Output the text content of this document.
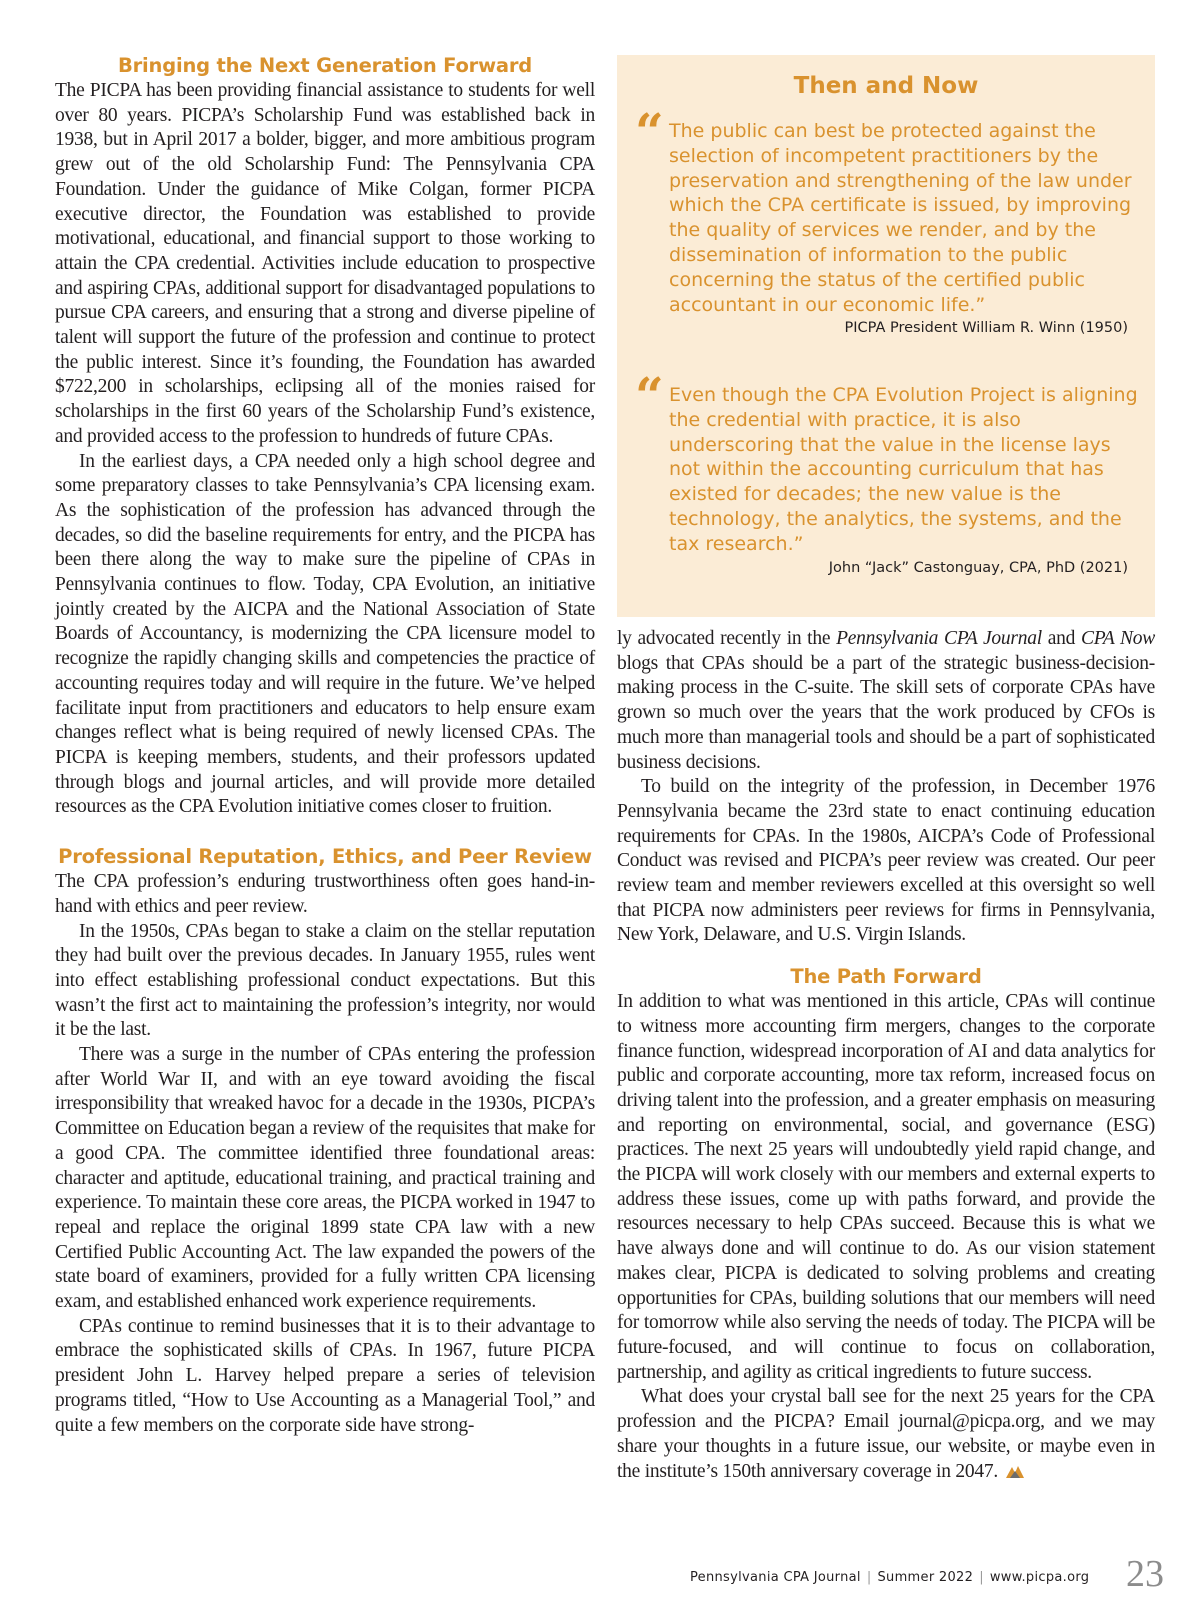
Bringing the Next Generation Forward

The PICPA has been providing financial assistance to students for well over 80 years. PICPA’s Scholarship Fund was established back in 1938, but in April 2017 a bolder, bigger, and more ambitious program grew out of the old Scholarship Fund: The Pennsylvania CPA Foundation. Under the guidance of Mike Colgan, former PICPA executive director, the Foundation was established to provide motivational, educational, and financial support to those working to attain the CPA credential. Activities include education to prospective and aspiring CPAs, additional support for disadvantaged populations to pursue CPA careers, and ensuring that a strong and diverse pipeline of talent will support the future of the profession and continue to protect the public interest. Since it’s founding, the Foundation has awarded $722,200 in scholarships, eclipsing all of the monies raised for scholarships in the first 60 years of the Scholarship Fund’s existence, and provided access to the profession to hundreds of future CPAs.

In the earliest days, a CPA needed only a high school degree and some preparatory classes to take Pennsylvania’s CPA licensing exam. As the sophistication of the profession has advanced through the decades, so did the baseline requirements for entry, and the PICPA has been there along the way to make sure the pipeline of CPAs in Pennsylvania continues to flow. Today, CPA Evolution, an initiative jointly created by the AICPA and the National Association of State Boards of Accountancy, is modernizing the CPA licensure model to recognize the rapidly changing skills and competencies the practice of accounting requires today and will require in the future. We’ve helped facilitate input from practitioners and educators to help ensure exam changes reflect what is being required of newly licensed CPAs. The PICPA is keeping members, students, and their professors updated through blogs and journal articles, and will provide more detailed resources as the CPA Evolution initiative comes closer to fruition.

Professional Reputation, Ethics, and Peer Review

The CPA profession’s enduring trustworthiness often goes hand-in-hand with ethics and peer review.

In the 1950s, CPAs began to stake a claim on the stellar reputation they had built over the previous decades. In January 1955, rules went into effect establishing professional conduct expectations. But this wasn’t the first act to maintaining the profession’s integrity, nor would it be the last.

There was a surge in the number of CPAs entering the profession after World War II, and with an eye toward avoiding the fiscal irresponsibility that wreaked havoc for a decade in the 1930s, PICPA’s Committee on Education began a review of the requisites that make for a good CPA. The committee identified three foundational areas: character and aptitude, educational training, and practical training and experience. To maintain these core areas, the PICPA worked in 1947 to repeal and replace the original 1899 state CPA law with a new Certified Public Accounting Act. The law expanded the powers of the state board of examiners, provided for a fully written CPA licensing exam, and established enhanced work experience requirements.

CPAs continue to remind businesses that it is to their advantage to embrace the sophisticated skills of CPAs. In 1967, future PICPA president John L. Harvey helped prepare a series of television programs titled, “How to Use Accounting as a Managerial Tool,” and quite a few members on the corporate side have strong-

Then and Now
“ The public can best be protected against the selection of incompetent practitioners by the preservation and strengthening of the law under which the CPA certificate is issued, by improving the quality of services we render, and by the dissemination of information to the public concerning the status of the certified public accountant in our economic life.”
PICPA President William R. Winn (1950)
“ Even though the CPA Evolution Project is aligning the credential with practice, it is also underscoring that the value in the license lays not within the accounting curriculum that has existed for decades; the new value is the technology, the analytics, the systems, and the tax research.”
John “Jack” Castonguay, CPA, PhD (2021)

ly advocated recently in the Pennsylvania CPA Journal and CPA Now blogs that CPAs should be a part of the strategic business-decision-making process in the C-suite. The skill sets of corporate CPAs have grown so much over the years that the work produced by CFOs is much more than managerial tools and should be a part of sophisticated business decisions.

To build on the integrity of the profession, in December 1976 Pennsylvania became the 23rd state to enact continuing education requirements for CPAs. In the 1980s, AICPA’s Code of Professional Conduct was revised and PICPA’s peer review was created. Our peer review team and member reviewers excelled at this oversight so well that PICPA now administers peer reviews for firms in Pennsylvania, New York, Delaware, and U.S. Virgin Islands.

The Path Forward

In addition to what was mentioned in this article, CPAs will continue to witness more accounting firm mergers, changes to the corporate finance function, widespread incorporation of AI and data analytics for public and corporate accounting, more tax reform, increased focus on driving talent into the profession, and a greater emphasis on measuring and reporting on environmental, social, and governance (ESG) practices. The next 25 years will undoubtedly yield rapid change, and the PICPA will work closely with our members and external experts to address these issues, come up with paths forward, and provide the resources necessary to help CPAs succeed. Because this is what we have always done and will continue to do. As our vision statement makes clear, PICPA is dedicated to solving problems and creating opportunities for CPAs, building solutions that our members will need for tomorrow while also serving the needs of today. The PICPA will be future-focused, and will continue to focus on collaboration, partnership, and agility as critical ingredients to future success.

What does your crystal ball see for the next 25 years for the CPA profession and the PICPA? Email journal@picpa.org, and we may share your thoughts in a future issue, our website, or maybe even in the institute’s 150th anniversary coverage in 2047.

Pennsylvania CPA Journal | Summer 2022 | www.picpa.org 23
